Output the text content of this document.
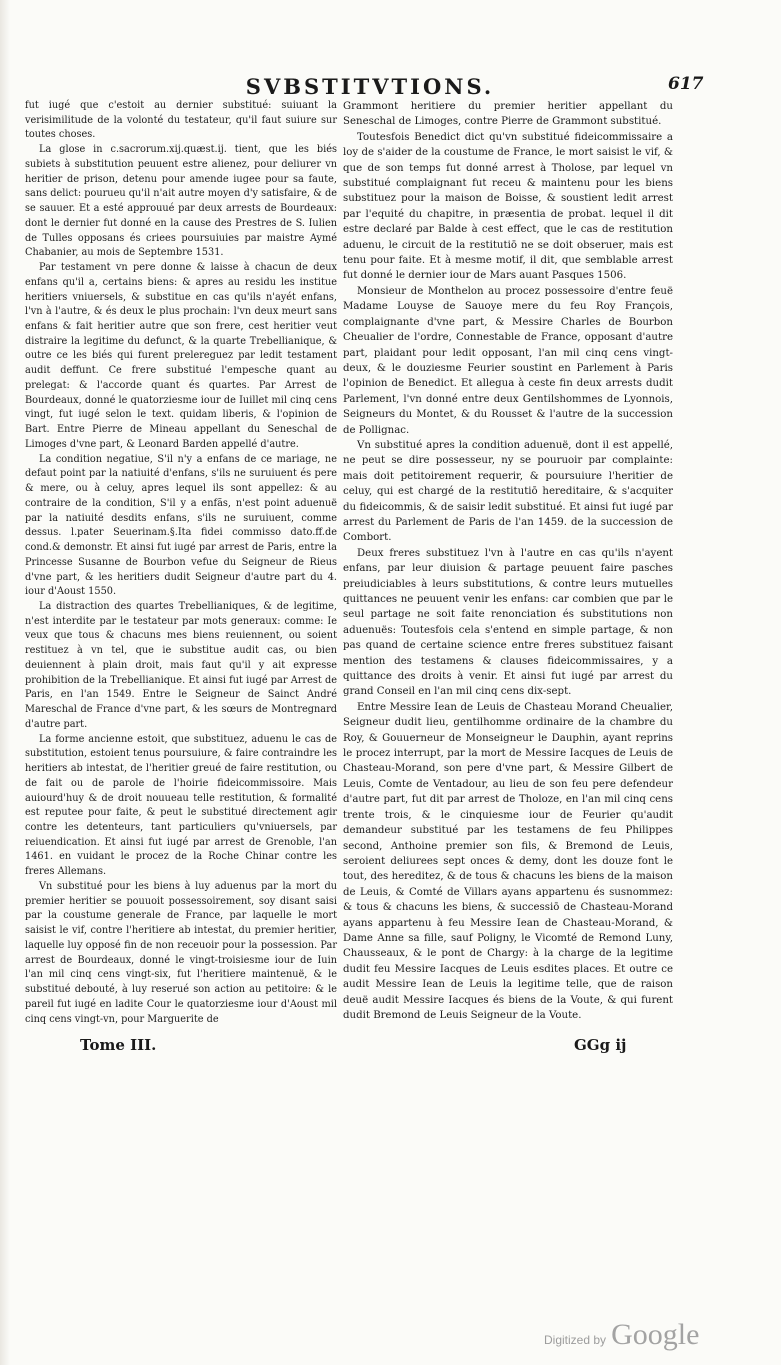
SVBSTITVTIONS.	617

fut iugé que c'estoit au dernier substitué: suiuant la verisimilitude de la volonté du testateur, qu'il faut suiure sur toutes choses.

La glose in c.sacrorum.xij.quæst.ij. tient, que les biés subiets à substitution peuuent estre alienez, pour deliurer vn heritier de prison, detenu pour amende iugee pour sa faute, sans delict: pourueu qu'il n'ait autre moyen d'y satisfaire, & de se sauuer. Et a esté approuué par deux arrests de Bourdeaux: dont le dernier fut donné en la cause des Prestres de S. Iulien de Tulles opposans és criees poursuiuies par maistre Aymé Chabanier, au mois de Septembre 1531.

Par testament vn pere donne & laisse à chacun de deux enfans qu'il a, certains biens: & apres au residu les institue heritiers vniuersels, & substitue en cas qu'ils n'ayét enfans, l'vn à l'autre, & és deux le plus prochain: l'vn deux meurt sans enfans & fait heritier autre que son frere, cest heritier veut distraire la legitime du defunct, & la quarte Trebellianique, & outre ce les biés qui furent prelereguez par ledit testament audit deffunt. Ce frere substitué l'empesche quant au prelegat: & l'accorde quant és quartes. Par Arrest de Bourdeaux, donné le quatorziesme iour de Iuillet mil cinq cens vingt, fut iugé selon le text. quidam liberis, & l'opinion de Bart. Entre Pierre de Mineau appellant du Seneschal de Limoges d'vne part, & Leonard Barden appellé d'autre.

La condition negatiue, S'il n'y a enfans de ce mariage, ne defaut point par la natiuité d'enfans, s'ils ne suruiuent és pere & mere, ou à celuy, apres lequel ils sont appellez: & au contraire de la condition, S'il y a enfãs, n'est point aduenuë par la natiuité desdits enfans, s'ils ne suruiuent, comme dessus. l.pater Seuerinam.§.Ita fidei commisso dato.ff.de cond.& demonstr. Et ainsi fut iugé par arrest de Paris, entre la Princesse Susanne de Bourbon vefue du Seigneur de Rieus d'vne part, & les heritiers dudit Seigneur d'autre part du 4. iour d'Aoust 1550.

La distraction des quartes Trebellianiques, & de legitime, n'est interdite par le testateur par mots generaux: comme: Ie veux que tous & chacuns mes biens reuiennent, ou soient restituez à vn tel, que ie substitue audit cas, ou bien deuiennent à plain droit, mais faut qu'il y ait expresse prohibition de la Trebellianique. Et ainsi fut iugé par Arrest de Paris, en l'an 1549. Entre le Seigneur de Sainct André Mareschal de France d'vne part, & les sœurs de Montregnard d'autre part.

La forme ancienne estoit, que substituez, aduenu le cas de substitution, estoient tenus poursuiure, & faire contraindre les heritiers ab intestat, de l'heritier greué de faire restitution, ou de fait ou de parole de l'hoirie fideicommissoire. Mais auiourd'huy & de droit nouueau telle restitution, & formalité est reputee pour faite, & peut le substitué directement agir contre les detenteurs, tant particuliers qu'vniuersels, par reiuendication. Et ainsi fut iugé par arrest de Grenoble, l'an 1461. en vuidant le procez de la Roche Chinar contre les freres Allemans.

Vn substitué pour les biens à luy aduenus par la mort du premier heritier se pouuoit possessoirement, soy disant saisi par la coustume generale de France, par laquelle le mort saisist le vif, contre l'heritiere ab intestat, du premier heritier, laquelle luy opposé fin de non receuoir pour la possession. Par arrest de Bourdeaux, donné le vingt-troisiesme iour de Iuin l'an mil cinq cens vingt-six, fut l'heritiere maintenuë, & le substitué debouté, à luy reserué son action au petitoire: & le pareil fut iugé en ladite Cour le quatorziesme iour d'Aoust mil cinq cens vingt-vn, pour Marguerite de

Grammont heritiere du premier heritier appellant du Seneschal de Limoges, contre Pierre de Grammont substitué.

Toutesfois Benedict dict qu'vn substitué fideicommissaire a loy de s'aider de la coustume de France, le mort saisist le vif, & que de son temps fut donné arrest à Tholose, par lequel vn substitué complaignant fut receu & maintenu pour les biens substituez pour la maison de Boisse, & soustient ledit arrest par l'equité du chapitre, in præsentia de probat. lequel il dit estre declaré par Balde à cest effect, que le cas de restitution aduenu, le circuit de la restitutiō ne se doit obseruer, mais est tenu pour faite. Et à mesme motif, il dit, que semblable arrest fut donné le dernier iour de Mars auant Pasques 1506.

Monsieur de Monthelon au procez possessoire d'entre feuë Madame Louyse de Sauoye mere du feu Roy François, complaignante d'vne part, & Messire Charles de Bourbon Cheualier de l'ordre, Connestable de France, opposant d'autre part, plaidant pour ledit opposant, l'an mil cinq cens vingt-deux, & le douziesme Feurier soustint en Parlement à Paris l'opinion de Benedict. Et allegua à ceste fin deux arrests dudit Parlement, l'vn donné entre deux Gentilshommes de Lyonnois, Seigneurs du Montet, & du Rousset & l'autre de la succession de Pollignac.

Vn substitué apres la condition aduenuë, dont il est appellé, ne peut se dire possesseur, ny se pouruoir par complainte: mais doit petitoirement requerir, & poursuiure l'heritier de celuy, qui est chargé de la restitutiō hereditaire, & s'acquiter du fideicommis, & de saisir ledit substitué. Et ainsi fut iugé par arrest du Parlement de Paris de l'an 1459. de la succession de Combort.

Deux freres substituez l'vn à l'autre en cas qu'ils n'ayent enfans, par leur diuision & partage peuuent faire pasches preiudiciables à leurs substitutions, & contre leurs mutuelles quittances ne peuuent venir les enfans: car combien que par le seul partage ne soit faite renonciation és substitutions non aduenuës: Toutesfois cela s'entend en simple partage, & non pas quand de certaine science entre freres substituez faisant mention des testamens & clauses fideicommissaires, y a quittance des droits à venir. Et ainsi fut iugé par arrest du grand Conseil en l'an mil cinq cens dix-sept.

Entre Messire Iean de Leuis de Chasteau Morand Cheualier, Seigneur dudit lieu, gentilhomme ordinaire de la chambre du Roy, & Gouuerneur de Monseigneur le Dauphin, ayant reprins le procez interrupt, par la mort de Messire Iacques de Leuis de Chasteau-Morand, son pere d'vne part, & Messire Gilbert de Leuis, Comte de Ventadour, au lieu de son feu pere defendeur d'autre part, fut dit par arrest de Tholoze, en l'an mil cinq cens trente trois, & le cinquiesme iour de Feurier qu'audit demandeur substitué par les testamens de feu Philippes second, Anthoine premier son fils, & Bremond de Leuis, seroient deliurees sept onces & demy, dont les douze font le tout, des hereditez, & de tous & chacuns les biens de la maison de Leuis, & Comté de Villars ayans appartenu és susnommez: & tous & chacuns les biens, & successiō de Chasteau-Morand ayans appartenu à feu Messire Iean de Chasteau-Morand, & Dame Anne sa fille, sauf Poligny, le Vicomté de Remond Luny, Chausseaux, & le pont de Chargy: à la charge de la legitime dudit feu Messire Iacques de Leuis esdites places. Et outre ce audit Messire Iean de Leuis la legitime telle, que de raison deuë audit Messire Iacques és biens de la Voute, & qui furent dudit Bremond de Leuis Seigneur de la Voute.

Tome III.	GGg ij
Digitized by Google
